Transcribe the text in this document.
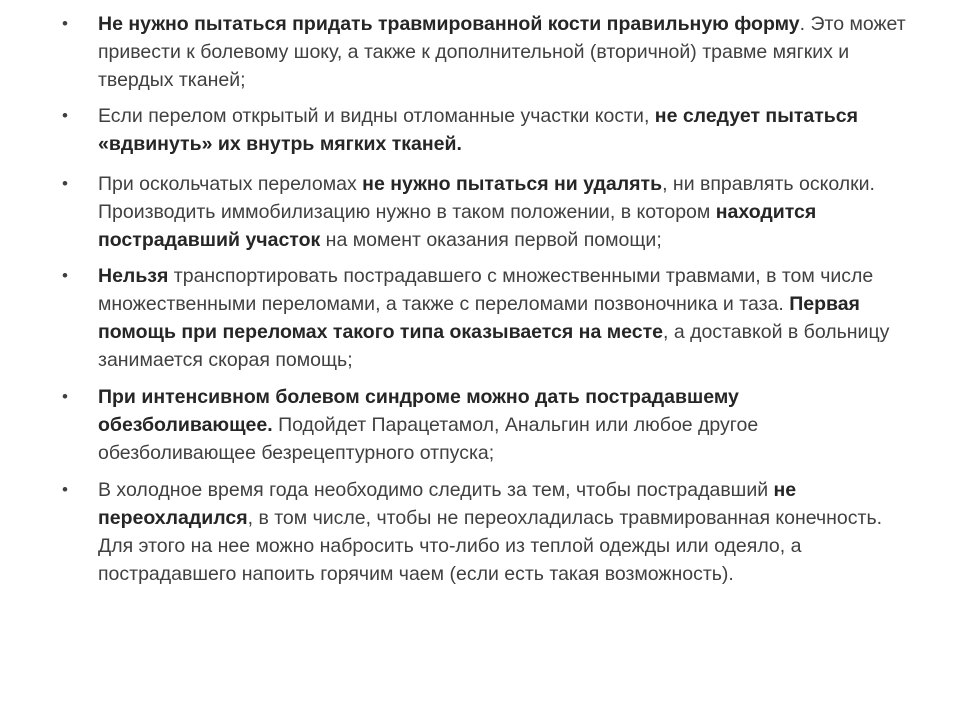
•	Не нужно пытаться придать травмированной кости правильную форму. Это может привести к болевому шоку, а также к дополнительной (вторичной) травме мягких и твердых тканей;
•	Если перелом открытый и видны отломанные участки кости, не следует пытаться «вдвинуть» их внутрь мягких тканей.
•	При оскольчатых переломах не нужно пытаться ни удалять, ни вправлять осколки. Производить иммобилизацию нужно в таком положении, в котором находится пострадавший участок на момент оказания первой помощи;
•	Нельзя транспортировать пострадавшего с множественными травмами, в том числе множественными переломами, а также с переломами позвоночника и таза. Первая помощь при переломах такого типа оказывается на месте, а доставкой в больницу занимается скорая помощь;
•	При интенсивном болевом синдроме можно дать пострадавшему обезболивающее. Подойдет Парацетамол, Анальгин или любое другое обезболивающее безрецептурного отпуска;
•	В холодное время года необходимо следить за тем, чтобы пострадавший не переохладился, в том числе, чтобы не переохладилась травмированная конечность. Для этого на нее можно набросить что-либо из теплой одежды или одеяло, а пострадавшего напоить горячим чаем (если есть такая возможность).
